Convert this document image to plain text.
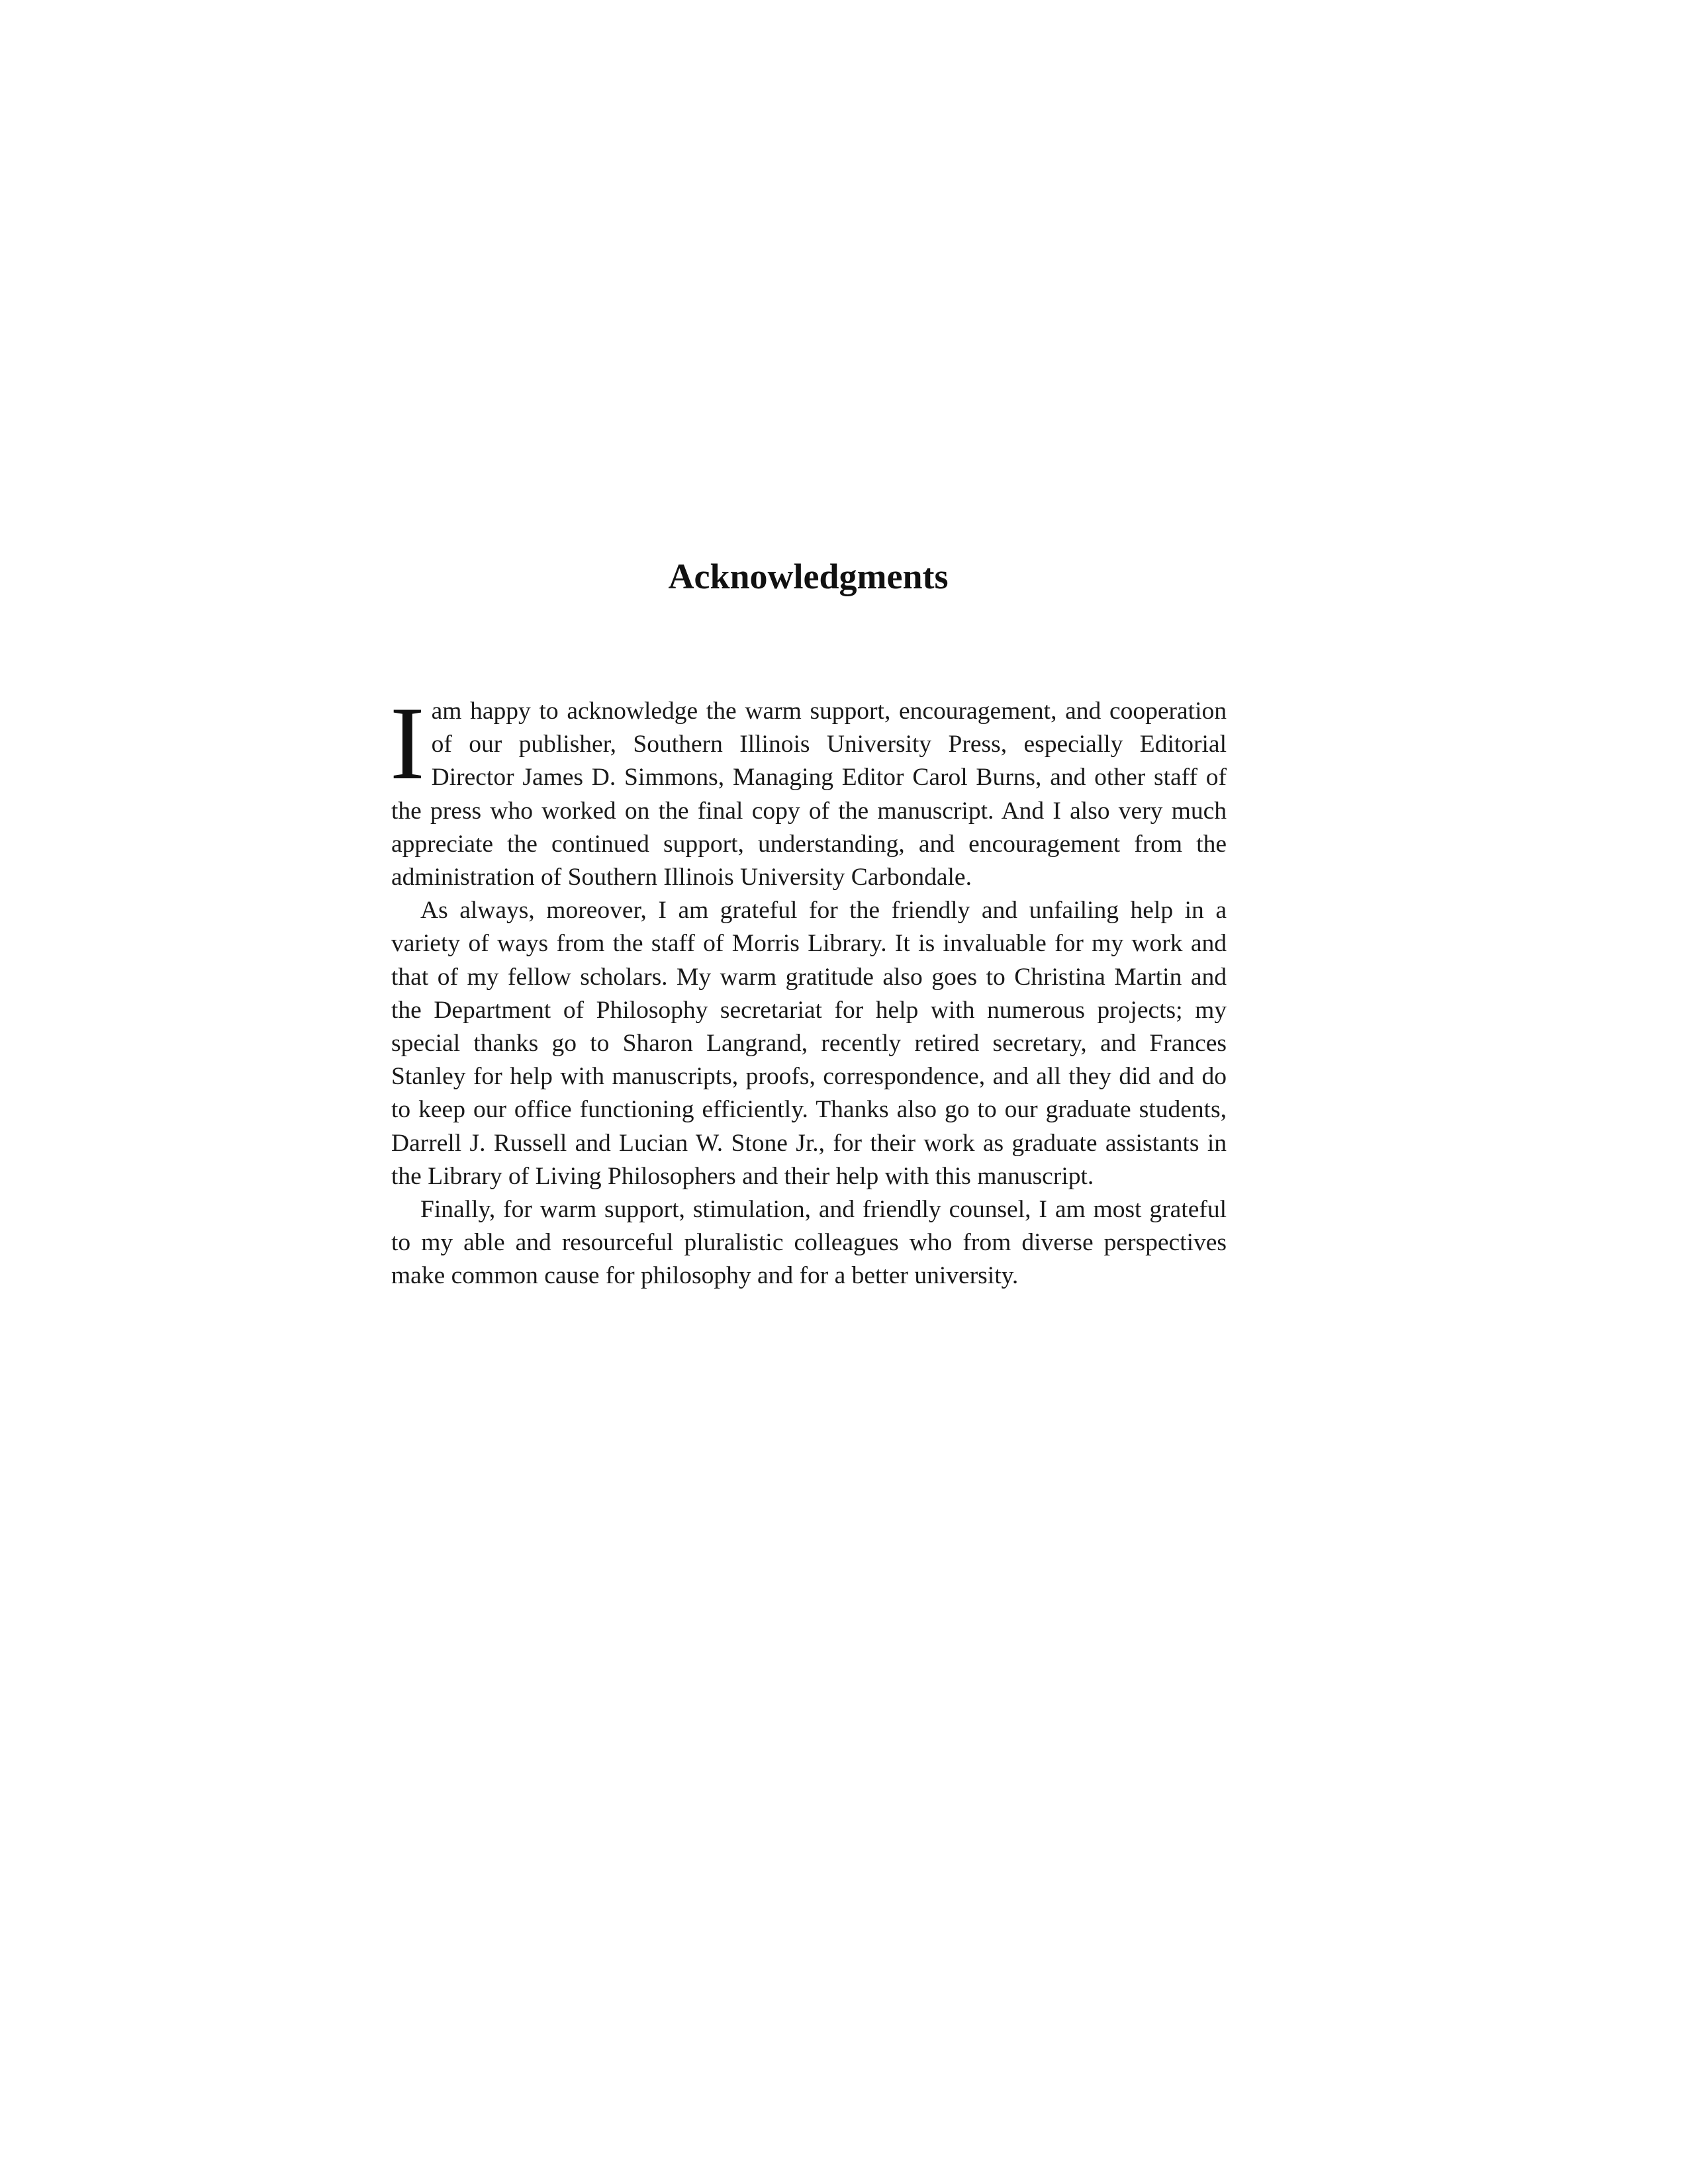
Acknowledgments

I am happy to acknowledge the warm support, encouragement, and cooperation of our publisher, Southern Illinois University Press, especially Editorial Director James D. Simmons, Managing Editor Carol Burns, and other staff of the press who worked on the final copy of the manuscript. And I also very much appreciate the continued support, understanding, and encouragement from the administration of Southern Illinois University Carbondale.

As always, moreover, I am grateful for the friendly and unfailing help in a variety of ways from the staff of Morris Library. It is invaluable for my work and that of my fellow scholars. My warm gratitude also goes to Christina Martin and the Department of Philosophy secretariat for help with numerous projects; my special thanks go to Sharon Langrand, recently retired secretary, and Frances Stanley for help with manuscripts, proofs, correspondence, and all they did and do to keep our office functioning efficiently. Thanks also go to our graduate students, Darrell J. Russell and Lucian W. Stone Jr., for their work as graduate assistants in the Library of Living Philosophers and their help with this manuscript.

Finally, for warm support, stimulation, and friendly counsel, I am most grateful to my able and resourceful pluralistic colleagues who from diverse perspectives make common cause for philosophy and for a better university.
